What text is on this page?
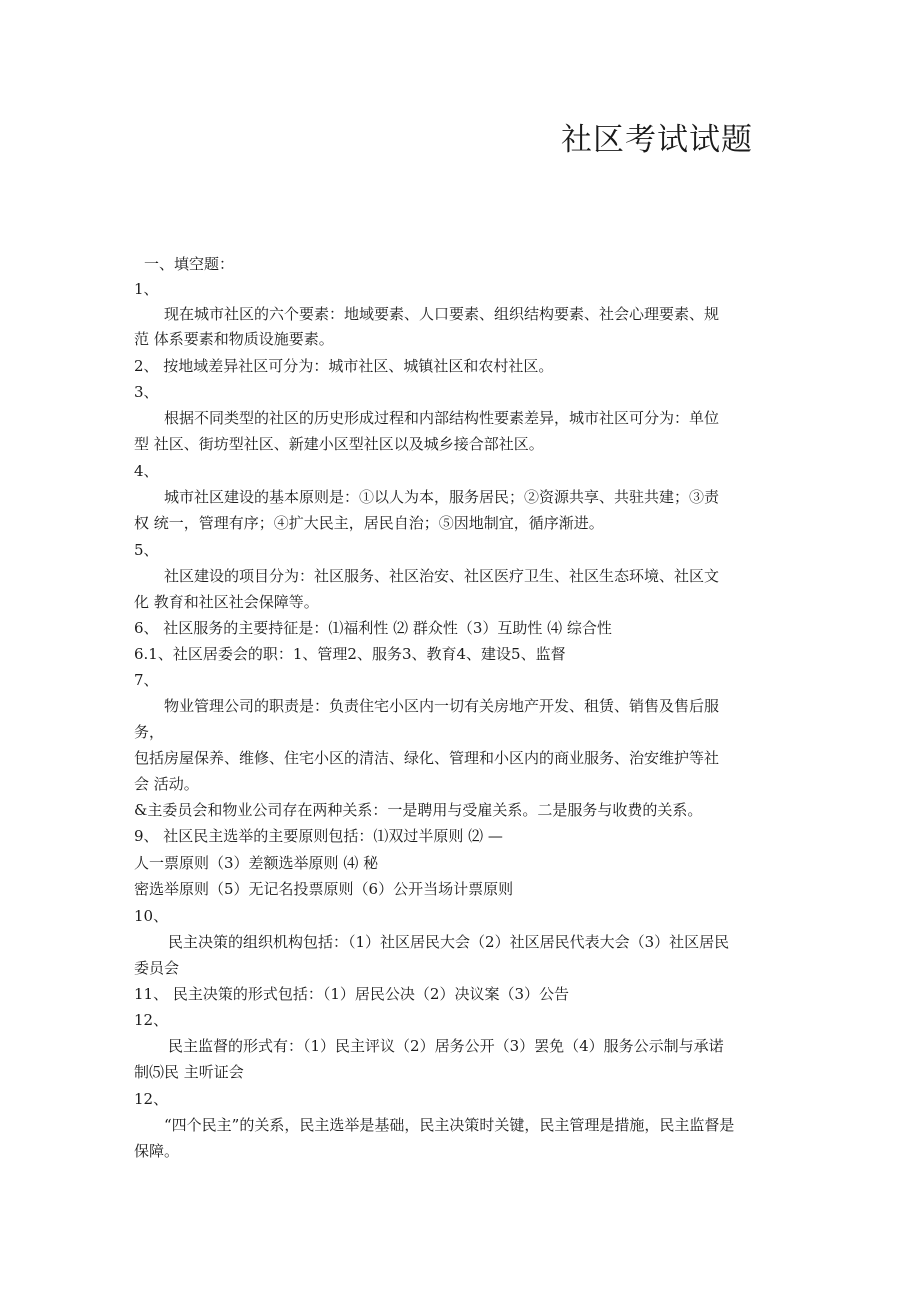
社区考试试题
一、填空题：
1、
现在城市社区的六个要素：地域要素、人口要素、组织结构要素、社会心理要素、规
范 体系要素和物质设施要素。
2、 按地域差异社区可分为：城市社区、城镇社区和农村社区。
3、
根据不同类型的社区的历史形成过程和内部结构性要素差异，城市社区可分为：单位
型 社区、街坊型社区、新建小区型社区以及城乡接合部社区。
4、
城市社区建设的基本原则是：①以人为本，服务居民；②资源共享、共驻共建；③责
权 统一，管理有序；④扩大民主，居民自治；⑤因地制宜，循序渐进。
5、
社区建设的项目分为：社区服务、社区治安、社区医疗卫生、社区生态环境、社区文
化 教育和社区社会保障等。
6、 社区服务的主要持征是：⑴福利性 ⑵ 群众性（3）互助性 ⑷ 综合性
6.1、社区居委会的职：1、管理2、服务3、教育4、建设5、监督
7、
物业管理公司的职责是：负责住宅小区内一切有关房地产开发、租赁、销售及售后服
务，
包括房屋保养、维修、住宅小区的清洁、绿化、管理和小区内的商业服务、治安维护等社
会 活动。
&主委员会和物业公司存在两种关系：一是聘用与受雇关系。二是服务与收费的关系。
9、 社区民主选举的主要原则包括：⑴双过半原则 ⑵ —
人一票原则（3）差额选举原则 ⑷ 秘
密选举原则（5）无记名投票原则（6）公开当场计票原则
10、
民主决策的组织机构包括：（1）社区居民大会（2）社区居民代表大会（3）社区居民
委员会
11、 民主决策的形式包括：（1）居民公决（2）决议案（3）公告
12、
民主监督的形式有：（1）民主评议（2）居务公开（3）罢免（4）服务公示制与承诺
制⑸民 主听证会
12、
“四个民主”的关系，民主选举是基础，民主决策时关键，民主管理是措施，民主监督是
保障。
